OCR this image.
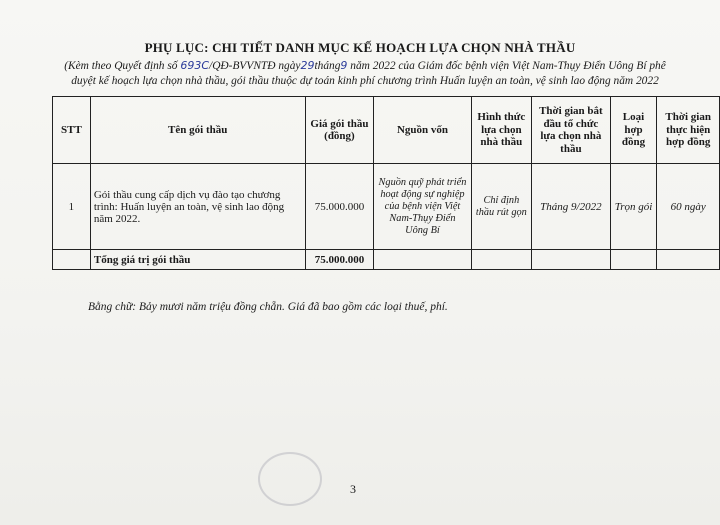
PHỤ LỤC: CHI TIẾT DANH MỤC KẾ HOẠCH LỰA CHỌN NHÀ THẦU
(Kèm theo Quyết định số 693C/QĐ-BVVNTĐ ngày29tháng9 năm 2022 của Giám đốc bệnh viện Việt Nam-Thụy Điển Uông Bí phê
duyệt kế hoạch lựa chọn nhà thầu, gói thầu thuộc dự toán kinh phí chương trình Huấn luyện an toàn, vệ sinh lao động năm 2022
STT	Tên gói thầu	Giá gói thầu (đồng)	Nguồn vốn	Hình thức lựa chọn nhà thầu	Thời gian bắt đầu tổ chức lựa chọn nhà thầu	Loại hợp đồng	Thời gian thực hiện hợp đồng
1	Gói thầu cung cấp dịch vụ đào tạo chương trình: Huấn luyện an toàn, vệ sinh lao động năm 2022.	75.000.000	Nguồn quỹ phát triển hoạt động sự nghiệp của bệnh viện Việt Nam-Thụy Điển Uông Bí	Chỉ định thầu rút gọn	Tháng 9/2022	Trọn gói	60 ngày
	Tổng giá trị gói thầu	75.000.000					
Bằng chữ: Bảy mươi năm triệu đồng chẵn. Giá đã bao gồm các loại thuế, phí.
3
